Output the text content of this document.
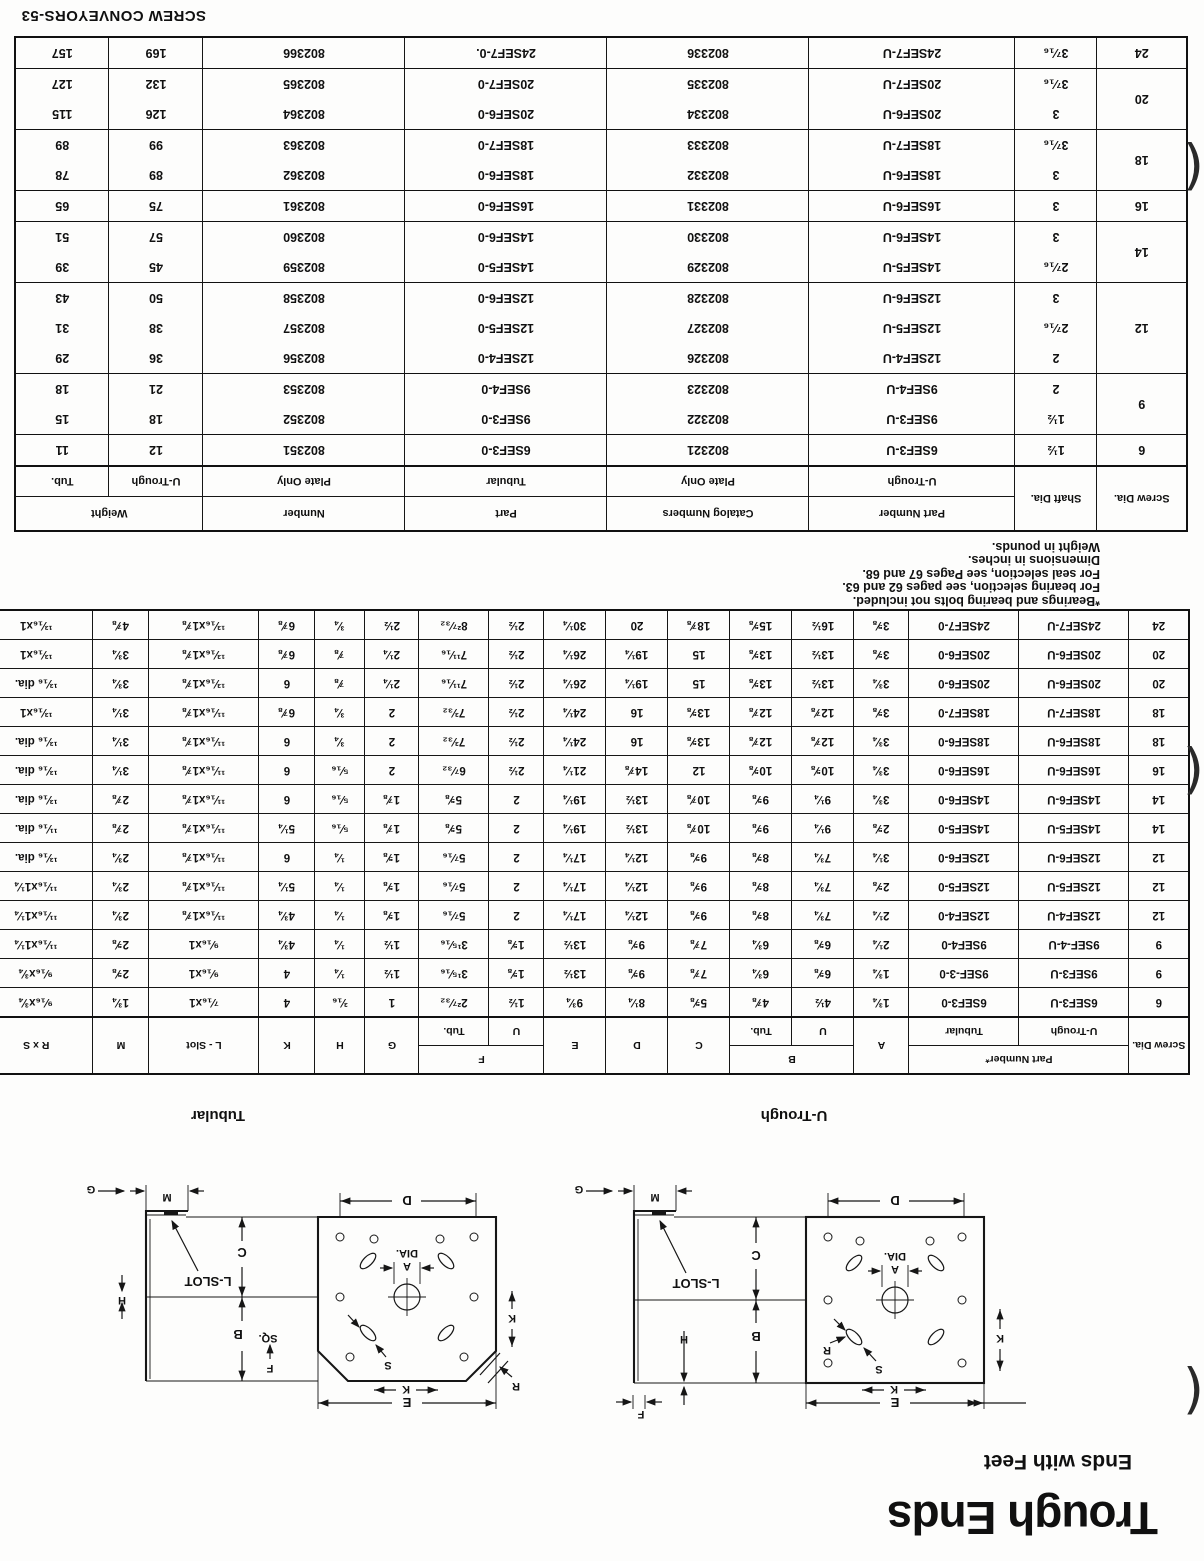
Trough Ends
Ends with Feet
E
K
D
K
A
DIA.
S
R
B
C
H
F
L-SLOT
M
G
E
K
D
K
A
DIA.
S
R
B
C
F
SQ.
H
L-SLOT
M
G
U-Trough
Tubular
Screw Dia.	Part Number*		A	B		C	D	E	F		G	H	K	L - Slot	M	R x S
	U-Trough	Tubular		U	Tub.				U	Tub.						
6	6SEF3-U	6SEF3-0	1¾	4½	4⅞	5⅝	8¼	9¾	1½	2²⁷⁄₃₂	1	³⁄₁₆	4	⁷⁄₁₆x1	1¾	⁹⁄₁₆x¾
9	9SEF3-U	9SEF-3-0	1¾	6⅝	6¾	7⅞	9⅝	13½	1⅝	3¹⁵⁄₁₆	1½	¼	4	⁹⁄₁₆x1	2⅝	⁹⁄₁₆x¾
9	9SEF-4-U	9SEF4-0	2¼	6⅝	6¾	7⅞	9⅝	13½	1⅝	3¹⁵⁄₁₆	1½	¼	4¾	⁹⁄₁₆x1	2⅝	¹¹⁄₁₆x1¼
12	12SEF4-U	12SEF4-0	2¼	7¾	8⅝	9⅝	12¼	17¼	2	5⁷⁄₁₆	1⅝	¼	4¾	¹¹⁄₁₆x1⅞	2¾	¹¹⁄₁₆x1¼
12	12SEF5-U	12SEF5-0	2⅝	7¾	8⅝	9⅝	12¼	17¼	2	5⁷⁄₁₆	1⅝	¼	5¼	¹¹⁄₁₆x1⅞	2¾	¹¹⁄₁₆x1¼
12	12SEF6-U	12SEF6-0	3¼	7¾	8⅝	9⅝	12¼	17¼	2	5⁷⁄₁₆	1⅝	¼	6	¹¹⁄₁₆x1⅞	2¾	¹³⁄₁₆ dia.
14	14SEF5-U	14SEF5-0	2⅝	9¼	9⅝	10⅞	13½	19¼	2	5⅝	1⅞	⁵⁄₁₆	5¼	¹¹⁄₁₆x1⅞	2⅞	¹¹⁄₁₆ dia.
14	14SEF6-U	14SEF6-0	3¾	9¼	9⅝	10⅞	13½	19¼	2	5⅝	1⅞	⁵⁄₁₆	6	¹¹⁄₁₆x1⅞	2⅞	¹³⁄₁₆ dia.
16	16SEF6-U	16SEF6-0	3¾	10⅝	10⅝	12	14⅞	21¼	2½	6⁷⁄₃₂	2	⁵⁄₁₆	6	¹¹⁄₁₆x1⅞	3¼	¹³⁄₁₆ dia.
18	18SEF6-U	18SEF6-0	3¾	12⅞	12⅞	13⅝	16	24¼	2½	7³⁄₃₂	2	¾	6	¹¹⁄₁₆x1⅞	3¼	¹³⁄₁₆ dia.
18	18SEF7-U	18SEF7-0	3⅝	12⅞	12⅞	13⅝	16	24¼	2½	7³⁄₃₂	2	¾	6⅞	¹¹⁄₁₆x1⅞	3¼	¹³⁄₁₆x1
20	20SEF6-U	20SEF6-0	3¾	13½	13⅝	15	19¼	26¼	2½	7¹¹⁄₁₆	2¼	⅞	6	¹³⁄₁₆x1⅞	3¾	¹³⁄₁₆ dia.
20	20SEF6-U	20SEF6-0	3⅝	13½	13⅝	15	19¼	26¼	2½	7¹¹⁄₁₆	2¼	⅞	6⅞	¹³⁄₁₆x1⅞	3¾	¹³⁄₁₆x1
24	24SEF7-U	24SEF7-0	3⅝	16½	15⅝	18⅞	20	30¼	2½	8²⁷⁄₃₂	2½	¾	6⅞	¹³⁄₁₆x1⅞	4⅞	¹³⁄₁₆x1
*Bearings and bearing bolts not included.
For bearing selection, see pages 62 and 63.
For seal selection, see Pages 67 and 68.
Dimensions in inches.
Weight in pounds.
Screw Dia.	Shaft Dia.	Part Number	Catalog Numbers	Part	Number	Weight	
		U-Trough	Plate Only	Tubular	Plate Only	U-Trough	Tub.
6	1½	6SEF3-U	802321	6SEF3-0	802351	12	11
9	1½	9SEF3-U	802322	9SEF3-0	802352	18	15
	2	9SEF4-U	802323	9SEF4-0	802353	21	18
12	2	12SEF4-U	802326	12SEF4-0	802356	36	29
	2⁷⁄₁₆	12SEF5-U	802327	12SEF5-0	802357	38	31
	3	12SEF6-U	802328	12SEF6-0	802358	50	43
14	2⁷⁄₁₆	14SEF5-U	802329	14SEF5-0	802359	45	39
	3	14SEF6-U	802330	14SEF6-0	802360	57	51
16	3	16SEF6-U	802331	16SEF6-0	802361	75	65
18	3	18SEF6-U	802332	18SEF6-0	802362	89	78
	3⁷⁄₁₆	18SEF7-U	802333	18SEF7-0	802363	99	89
20	3	20SEF6-U	802334	20SEF6-0	802364	126	115
	3⁷⁄₁₆	20SEF7-U	802335	20SEF7-0	802365	132	127
24	3⁷⁄₁₆	24SEF7-U	802336	24SEF7-0.	802366	169	157
SCREW CONVEYORS-53
(
(
(
